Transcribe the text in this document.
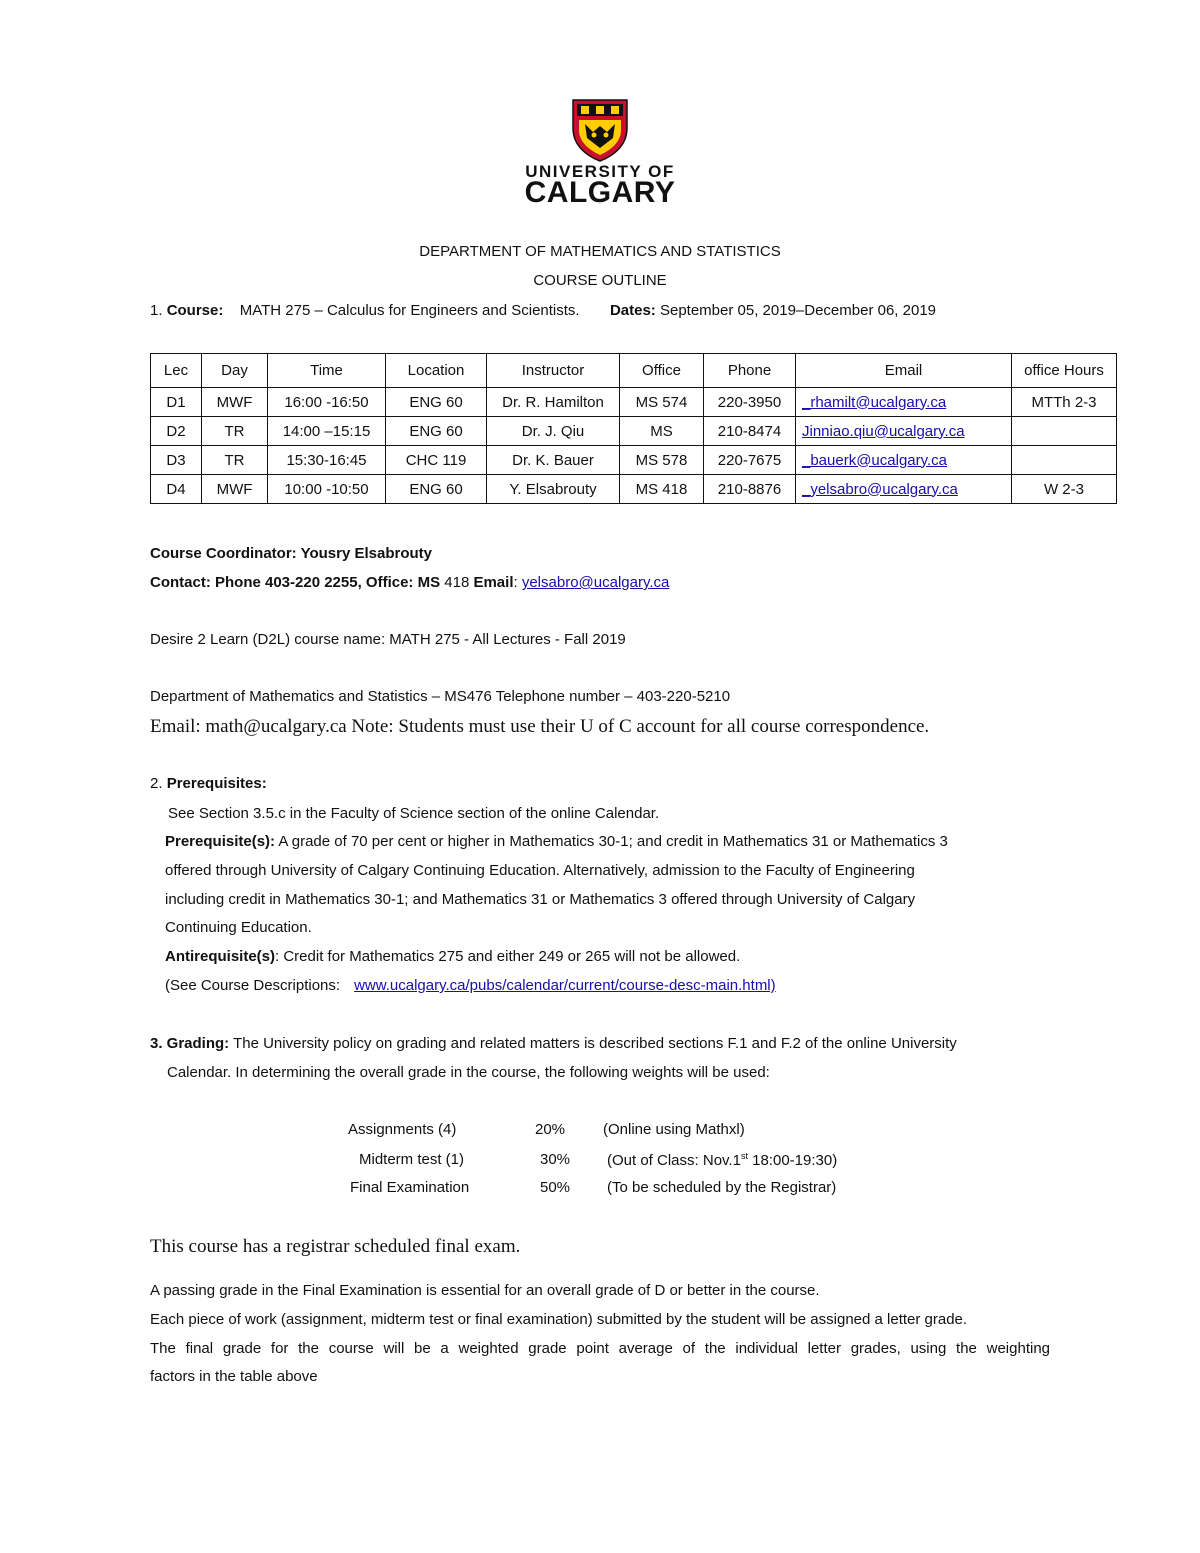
UNIVERSITY OF
CALGARY
DEPARTMENT OF MATHEMATICS AND STATISTICS
COURSE OUTLINE
1. Course: MATH 275 – Calculus for Engineers and Scientists. Dates: September 05, 2019–December 06, 2019
Lec	Day	Time	Location	Instructor	Office	Phone	Email	office Hours
D1	MWF	16:00 -16:50	ENG 60	Dr. R. Hamilton	MS 574	220-3950	_rhamilt@ucalgary.ca	MTTh 2-3
D2	TR	14:00 –15:15	ENG 60	Dr. J. Qiu	MS	210-8474	Jinniao.qiu@ucalgary.ca	
D3	TR	15:30-16:45	CHC 119	Dr. K. Bauer	MS 578	220-7675	_bauerk@ucalgary.ca	
D4	MWF	10:00 -10:50	ENG 60	Y. Elsabrouty	MS 418	210-8876	_yelsabro@ucalgary.ca	W 2-3
Course Coordinator: Yousry Elsabrouty
Contact: Phone 403-220 2255, Office: MS 418 Email: yelsabro@ucalgary.ca
Desire 2 Learn (D2L) course name: MATH 275 - All Lectures - Fall 2019
Department of Mathematics and Statistics – MS476 Telephone number – 403-220-5210
Email: math@ucalgary.ca Note: Students must use their U of C account for all course correspondence.
2. Prerequisites:
See Section 3.5.c in the Faculty of Science section of the online Calendar.
Prerequisite(s): A grade of 70 per cent or higher in Mathematics 30-1; and credit in Mathematics 31 or Mathematics 3
offered through University of Calgary Continuing Education. Alternatively, admission to the Faculty of Engineering
including credit in Mathematics 30-1; and Mathematics 31 or Mathematics 3 offered through University of Calgary
Continuing Education.
Antirequisite(s): Credit for Mathematics 275 and either 249 or 265 will not be allowed.
(See Course Descriptions: www.ucalgary.ca/pubs/calendar/current/course-desc-main.html)
3. Grading: The University policy on grading and related matters is described sections F.1 and F.2 of the online University
Calendar. In determining the overall grade in the course, the following weights will be used:
Assignments (4)	20%	(Online using Mathxl)
Midterm test (1)	30% (Out of Class: Nov.1st 18:00-19:30)
Final Examination	50% (To be scheduled by the Registrar)
This course has a registrar scheduled final exam.
A passing grade in the Final Examination is essential for an overall grade of D or better in the course.
Each piece of work (assignment, midterm test or final examination) submitted by the student will be assigned a letter grade.
The final grade for the course will be a weighted grade point average of the individual letter grades, using the weighting
factors in the table above
